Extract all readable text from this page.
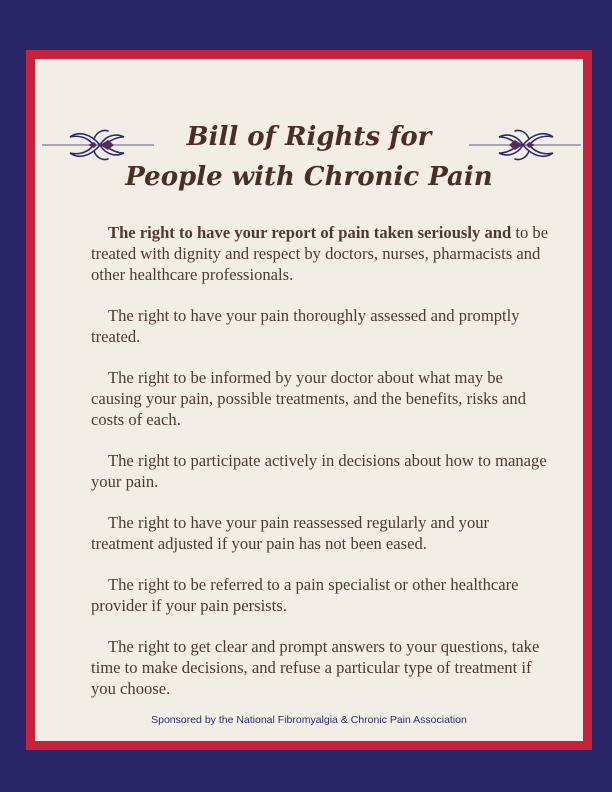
Bill of Rights for
People with Chronic Pain

The right to have your report of pain taken seriously and to be treated with dignity and respect by doctors, nurses, pharmacists and other healthcare professionals.

The right to have your pain thoroughly assessed and promptly treated.

The right to be informed by your doctor about what may be causing your pain, possible treatments, and the benefits, risks and costs of each.

The right to participate actively in decisions about how to manage your pain.

The right to have your pain reassessed regularly and your treatment adjusted if your pain has not been eased.

The right to be referred to a pain specialist or other healthcare provider if your pain persists.

The right to get clear and prompt answers to your questions, take time to make decisions, and refuse a particular type of treatment if you choose.

Sponsored by the National Fibromyalgia & Chronic Pain Association
